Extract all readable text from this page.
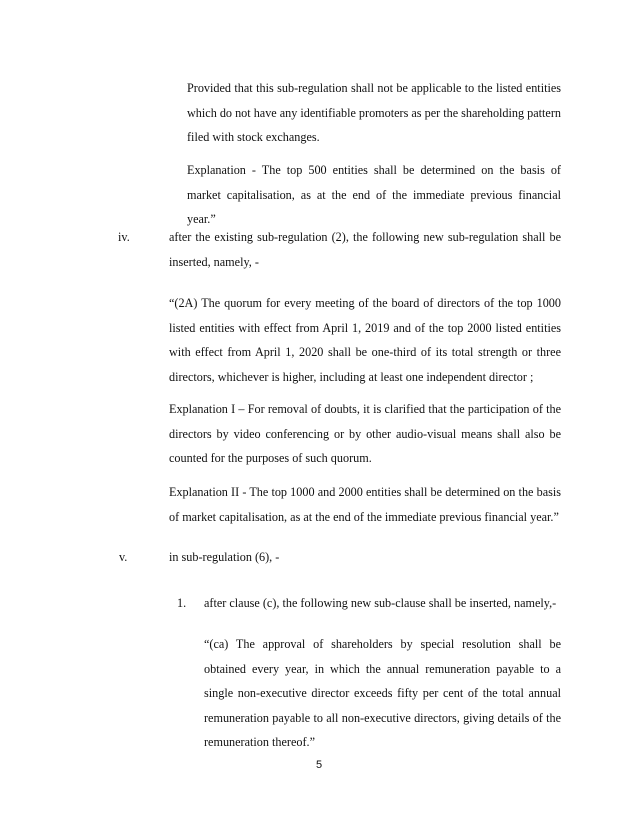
Provided that this sub-regulation shall not be applicable to the listed entities which do not have any identifiable promoters as per the shareholding pattern filed with stock exchanges.

Explanation - The top 500 entities shall be determined on the basis of market capitalisation, as at the end of the immediate previous financial year.”

iv.	after the existing sub-regulation (2), the following new sub-regulation shall be inserted, namely, -

“(2A) The quorum for every meeting of the board of directors of the top 1000 listed entities with effect from April 1, 2019 and of the top 2000 listed entities with effect from April 1, 2020 shall be one-third of its total strength or three directors, whichever is higher, including at least one independent director ;

Explanation I – For removal of doubts, it is clarified that the participation of the directors by video conferencing or by other audio-visual means shall also be counted for the purposes of such quorum.

Explanation II - The top 1000 and 2000 entities shall be determined on the basis of market capitalisation, as at the end of the immediate previous financial year.”

v.	in sub-regulation (6), -
1. after clause (c), the following new sub-clause shall be inserted, namely,-

“(ca) The approval of shareholders by special resolution shall be obtained every year, in which the annual remuneration payable to a single non-executive director exceeds fifty per cent of the total annual remuneration payable to all non-executive directors, giving details of the remuneration thereof.”

5
